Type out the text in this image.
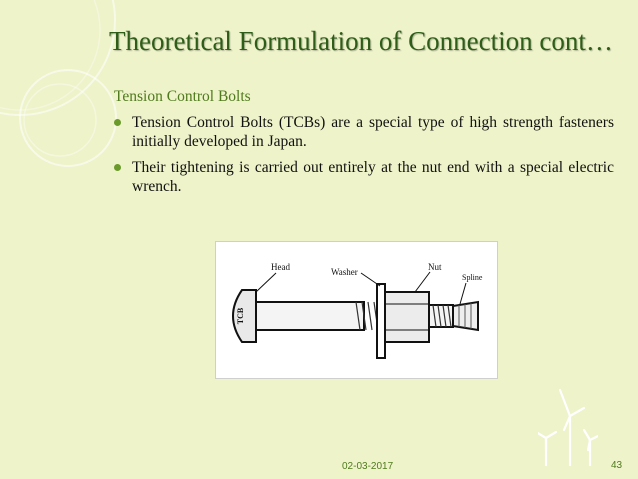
Theoretical Formulation of Connection cont…
Tension Control Bolts
Tension Control Bolts (TCBs) are a special type of high strength fasteners initially developed in Japan.
Their tightening is carried out entirely at the nut end with a special electric wrench.
TCB
Head	Washer	Nut
Spline
02-03-2017	43
